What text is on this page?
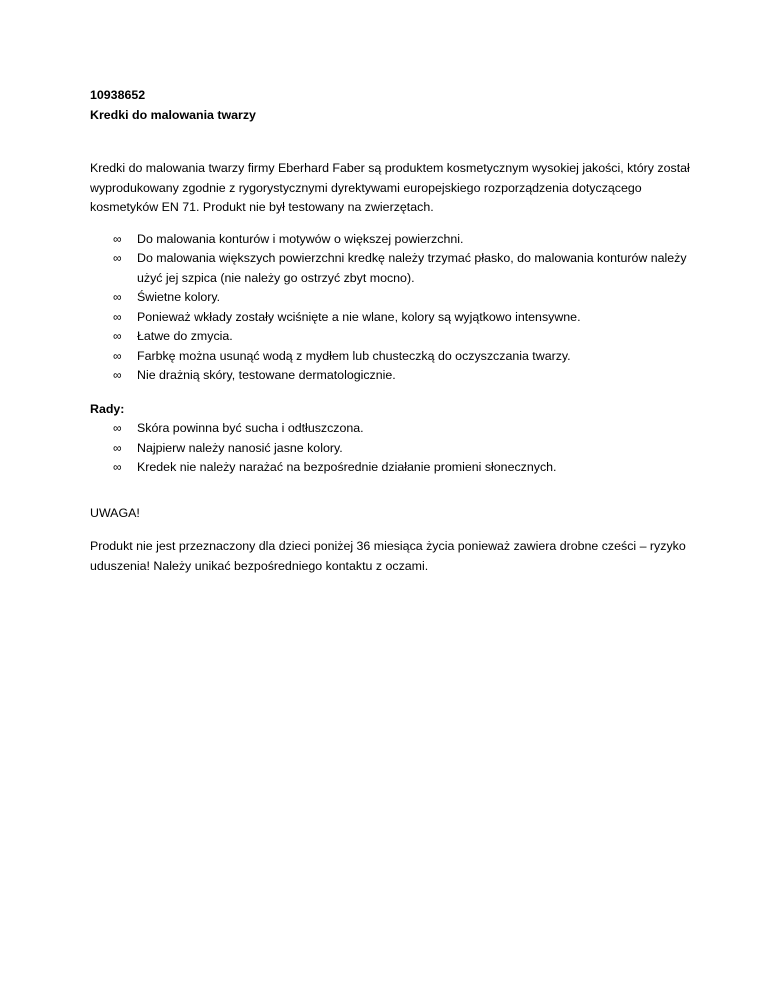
10938652

Kredki do malowania twarzy

Kredki do malowania twarzy firmy Eberhard Faber są produktem kosmetycznym wysokiej jakości, który został wyprodukowany zgodnie z rygorystycznymi dyrektywami europejskiego rozporządzenia dotyczącego kosmetyków EN 71. Produkt nie był testowany na zwierzętach.

∞ Do malowania konturów i motywów o większej powierzchni.
∞ Do malowania większych powierzchni kredkę należy trzymać płasko, do malowania konturów należy użyć jej szpica (nie należy go ostrzyć zbyt mocno).
∞ Świetne kolory.
∞ Ponieważ wkłady zostały wciśnięte a nie wlane, kolory są wyjątkowo intensywne.
∞ Łatwe do zmycia.
∞ Farbkę można usunąć wodą z mydłem lub chusteczką do oczyszczania twarzy.
∞ Nie drażnią skóry, testowane dermatologicznie.

Rady:

∞ Skóra powinna być sucha i odtłuszczona.
∞ Najpierw należy nanosić jasne kolory.
∞ Kredek nie należy narażać na bezpośrednie działanie promieni słonecznych.

UWAGA!

Produkt nie jest przeznaczony dla dzieci poniżej 36 miesiąca życia ponieważ zawiera drobne cześci – ryzyko uduszenia! Należy unikać bezpośredniego kontaktu z oczami.
